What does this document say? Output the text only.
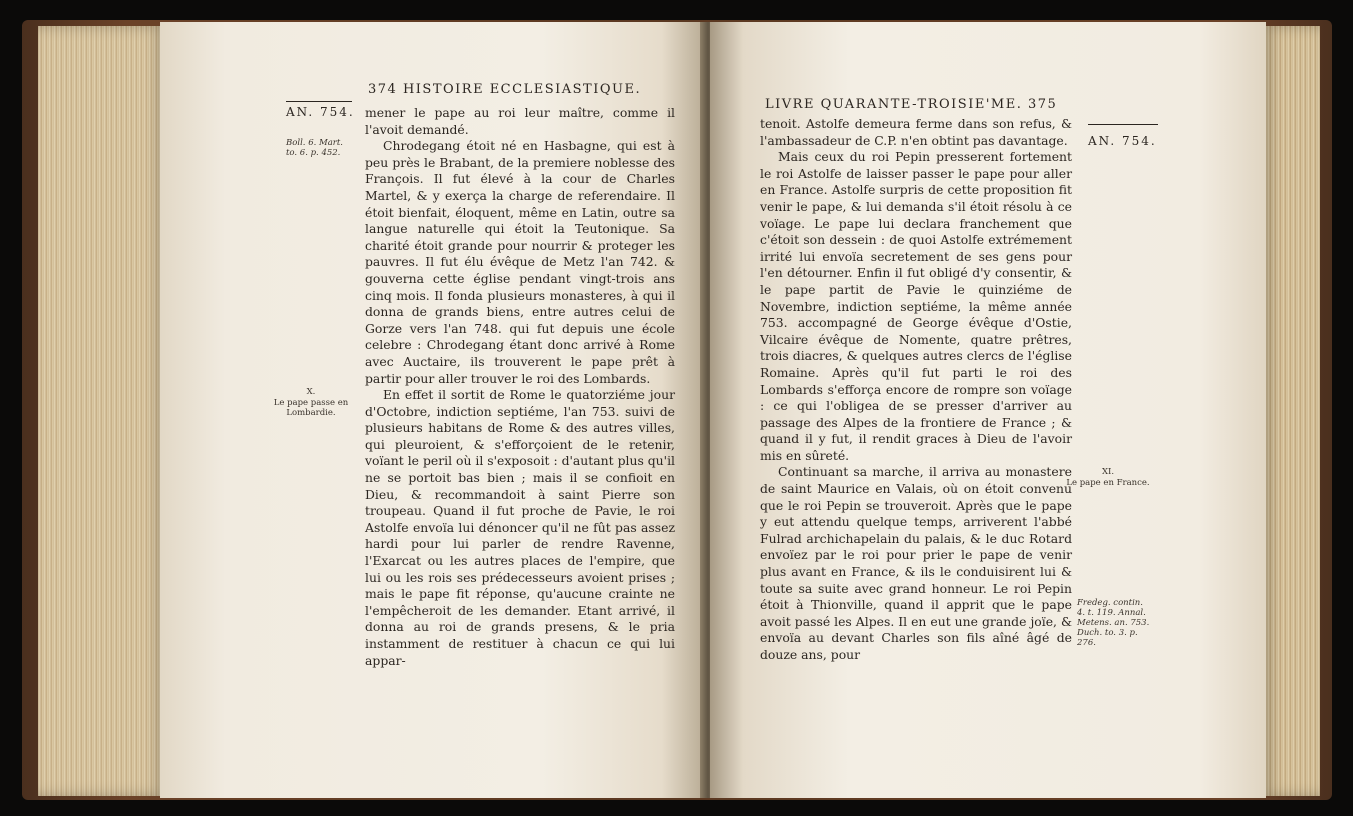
374 HISTOIRE ECCLESIASTIQUE.
AN. 754.
Boll. 6. Mart. to. 6. p. 452.
X.
Le pape passe en Lombardie.

mener le pape au roi leur maître, comme il l'avoit demandé.

Chrodegang étoit né en Hasbagne, qui est à peu près le Brabant, de la premiere noblesse des François. Il fut élevé à la cour de Charles Martel, & y exerça la charge de referendaire. Il étoit bienfait, éloquent, même en Latin, outre sa langue naturelle qui étoit la Teutonique. Sa charité étoit grande pour nourrir & proteger les pauvres. Il fut élu évêque de Metz l'an 742. & gouverna cette église pendant vingt-trois ans cinq mois. Il fonda plusieurs monasteres, à qui il donna de grands biens, entre autres celui de Gorze vers l'an 748. qui fut depuis une école celebre : Chrodegang étant donc arrivé à Rome avec Auctaire, ils trouverent le pape prêt à partir pour aller trouver le roi des Lombards.

En effet il sortit de Rome le quatorziéme jour d'Octobre, indiction septiéme, l'an 753. suivi de plusieurs habitans de Rome & des autres villes, qui pleuroient, & s'efforçoient de le retenir, voïant le peril où il s'exposoit : d'autant plus qu'il ne se portoit bas bien ; mais il se confioit en Dieu, & recommandoit à saint Pierre son troupeau. Quand il fut proche de Pavie, le roi Astolfe envoïa lui dénoncer qu'il ne fût pas assez hardi pour lui parler de rendre Ravenne, l'Exarcat ou les autres places de l'empire, que lui ou les rois ses prédecesseurs avoient prises ; mais le pape fit réponse, qu'aucune crainte ne l'empêcheroit de les demander. Etant arrivé, il donna au roi de grands presens, & le pria instamment de restituer à chacun ce qui lui appar-

LIVRE QUARANTE-TROISIE'ME. 375
AN. 754.
XI.
Le pape en France.
Fredeg. contin. 4. t. 119. Annal. Metens. an. 753. Duch. to. 3. p. 276.

tenoit. Astolfe demeura ferme dans son refus, & l'ambassadeur de C.P. n'en obtint pas davantage.

Mais ceux du roi Pepin presserent fortement le roi Astolfe de laisser passer le pape pour aller en France. Astolfe surpris de cette proposition fit venir le pape, & lui demanda s'il étoit résolu à ce voïage. Le pape lui declara franchement que c'étoit son dessein : de quoi Astolfe extrémement irrité lui envoïa secretement de ses gens pour l'en détourner. Enfin il fut obligé d'y consentir, & le pape partit de Pavie le quinziéme de Novembre, indiction septiéme, la même année 753. accompagné de George évêque d'Ostie, Vilcaire évêque de Nomente, quatre prêtres, trois diacres, & quelques autres clercs de l'église Romaine. Après qu'il fut parti le roi des Lombards s'efforça encore de rompre son voïage : ce qui l'obligea de se presser d'arriver au passage des Alpes de la frontiere de France ; & quand il y fut, il rendit graces à Dieu de l'avoir mis en sûreté.

Continuant sa marche, il arriva au monastere de saint Maurice en Valais, où on étoit convenu que le roi Pepin se trouveroit. Après que le pape y eut attendu quelque temps, arriverent l'abbé Fulrad archichapelain du palais, & le duc Rotard envoïez par le roi pour prier le pape de venir plus avant en France, & ils le conduisirent lui & toute sa suite avec grand honneur. Le roi Pepin étoit à Thionville, quand il apprit que le pape avoit passé les Alpes. Il en eut une grande joïe, & envoïa au devant Charles son fils aîné âgé de douze ans, pour
